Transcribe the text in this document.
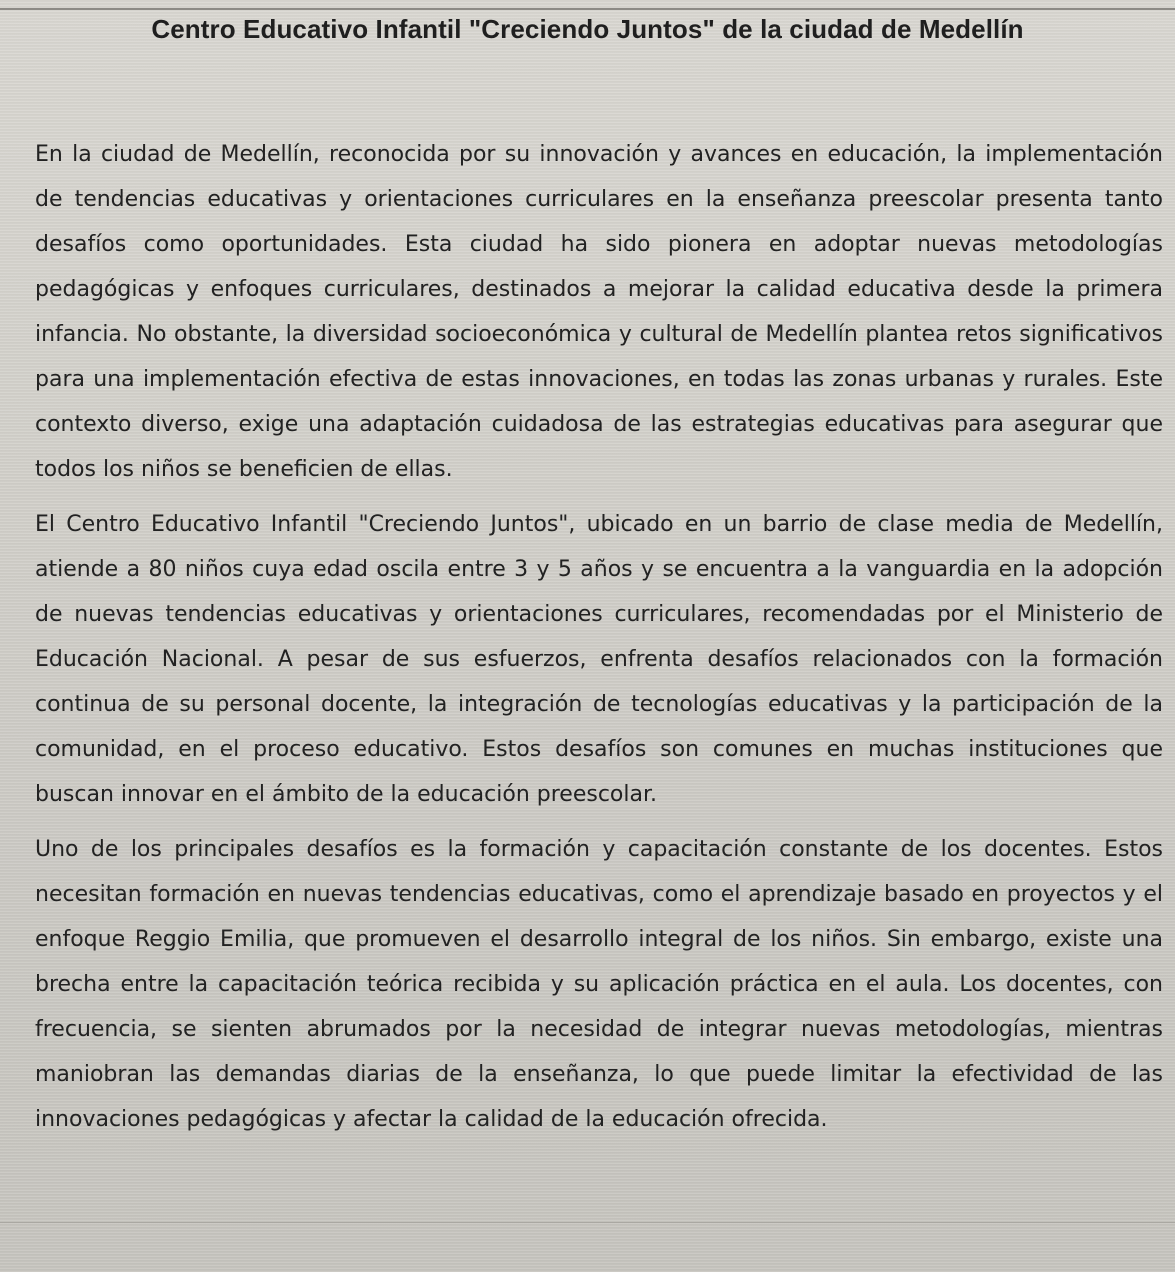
Centro Educativo Infantil "Creciendo Juntos" de la ciudad de Medellín

En la ciudad de Medellín, reconocida por su innovación y avances en educación, la implementación de tendencias educativas y orientaciones curriculares en la enseñanza preescolar presenta tanto desafíos como oportunidades. Esta ciudad ha sido pionera en adoptar nuevas metodologías pedagógicas y enfoques curriculares, destinados a mejorar la calidad educativa desde la primera infancia. No obstante, la diversidad socioeconómica y cultural de Medellín plantea retos significativos para una implementación efectiva de estas innovaciones, en todas las zonas urbanas y rurales. Este contexto diverso, exige una adaptación cuidadosa de las estrategias educativas para asegurar que todos los niños se beneficien de ellas.

El Centro Educativo Infantil "Creciendo Juntos", ubicado en un barrio de clase media de Medellín, atiende a 80 niños cuya edad oscila entre 3 y 5 años y se encuentra a la vanguardia en la adopción de nuevas tendencias educativas y orientaciones curriculares, recomendadas por el Ministerio de Educación Nacional. A pesar de sus esfuerzos, enfrenta desafíos relacionados con la formación continua de su personal docente, la integración de tecnologías educativas y la participación de la comunidad, en el proceso educativo. Estos desafíos son comunes en muchas instituciones que buscan innovar en el ámbito de la educación preescolar.

Uno de los principales desafíos es la formación y capacitación constante de los docentes. Estos necesitan formación en nuevas tendencias educativas, como el aprendizaje basado en proyectos y el enfoque Reggio Emilia, que promueven el desarrollo integral de los niños. Sin embargo, existe una brecha entre la capacitación teórica recibida y su aplicación práctica en el aula. Los docentes, con frecuencia, se sienten abrumados por la necesidad de integrar nuevas metodologías, mientras maniobran las demandas diarias de la enseñanza, lo que puede limitar la efectividad de las innovaciones pedagógicas y afectar la calidad de la educación ofrecida.
